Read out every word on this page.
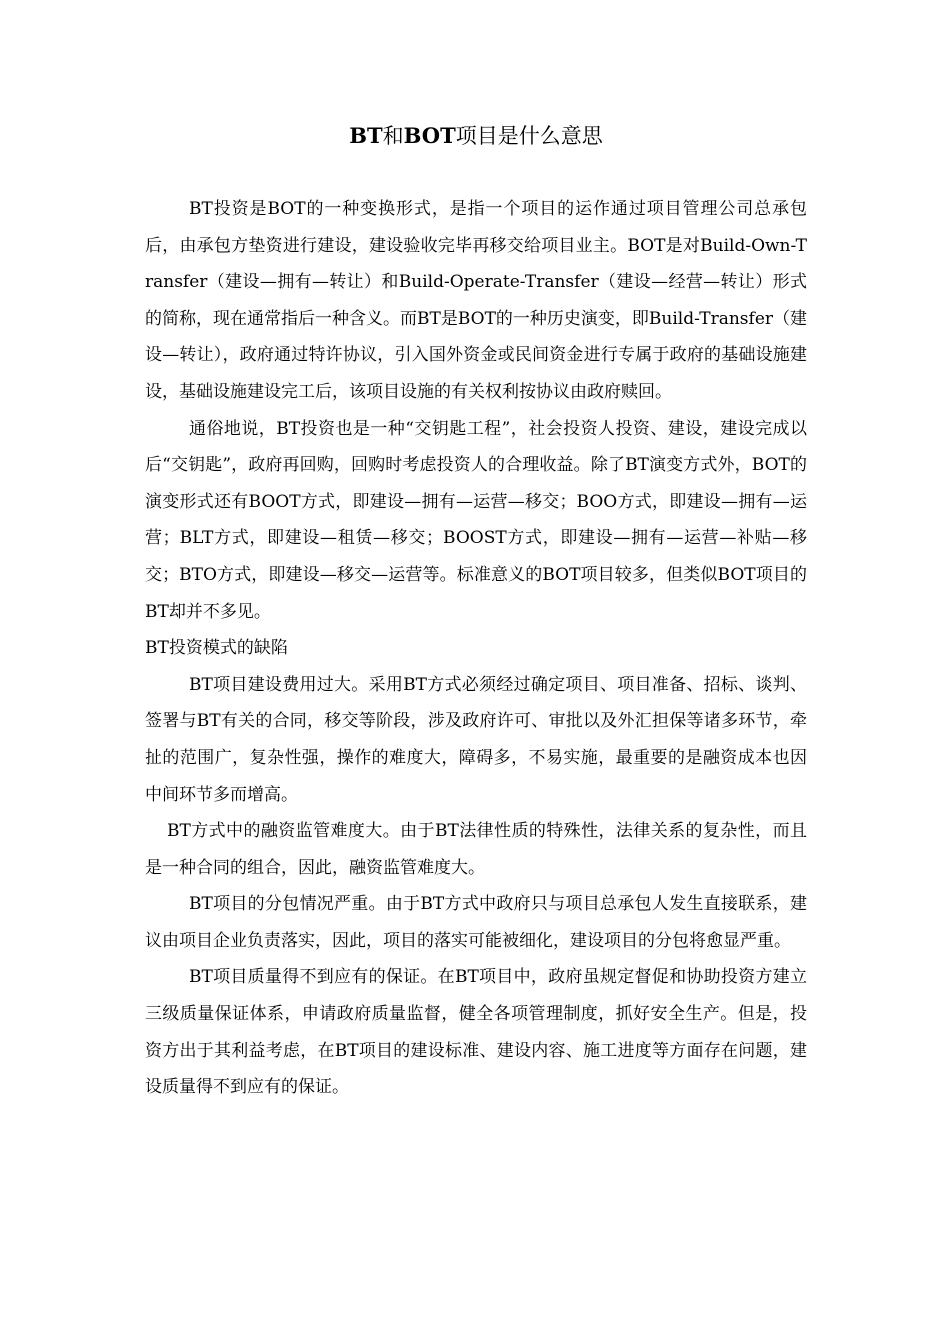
BT和BOT项目是什么意思

BT投资是BOT的一种变换形式，是指一个项目的运作通过项目管理公司总承包后，由承包方垫资进行建设，建设验收完毕再移交给项目业主。BOT是对Build-Own-Transfer（建设—拥有—转让）和Build-Operate-Transfer（建设—经营—转让）形式的简称，现在通常指后一种含义。而BT是BOT的一种历史演变，即Build-Transfer（建设—转让），政府通过特许协议，引入国外资金或民间资金进行专属于政府的基础设施建设，基础设施建设完工后，该项目设施的有关权利按协议由政府赎回。

通俗地说，BT投资也是一种“交钥匙工程”，社会投资人投资、建设，建设完成以后“交钥匙”，政府再回购，回购时考虑投资人的合理收益。除了BT演变方式外，BOT的演变形式还有BOOT方式，即建设—拥有—运营—移交；BOO方式，即建设—拥有—运营；BLT方式，即建设—租赁—移交；BOOST方式，即建设—拥有—运营—补贴—移交；BTO方式，即建设—移交—运营等。标准意义的BOT项目较多，但类似BOT项目的BT却并不多见。

BT投资模式的缺陷

BT项目建设费用过大。采用BT方式必须经过确定项目、项目准备、招标、谈判、签署与BT有关的合同，移交等阶段，涉及政府许可、审批以及外汇担保等诸多环节，牵扯的范围广，复杂性强，操作的难度大，障碍多，不易实施，最重要的是融资成本也因中间环节多而增高。

BT方式中的融资监管难度大。由于BT法律性质的特殊性，法律关系的复杂性，而且是一种合同的组合，因此，融资监管难度大。

BT项目的分包情况严重。由于BT方式中政府只与项目总承包人发生直接联系，建议由项目企业负责落实，因此，项目的落实可能被细化，建设项目的分包将愈显严重。

BT项目质量得不到应有的保证。在BT项目中，政府虽规定督促和协助投资方建立三级质量保证体系，申请政府质量监督，健全各项管理制度，抓好安全生产。但是，投资方出于其利益考虑，在BT项目的建设标准、建设内容、施工进度等方面存在问题，建设质量得不到应有的保证。
